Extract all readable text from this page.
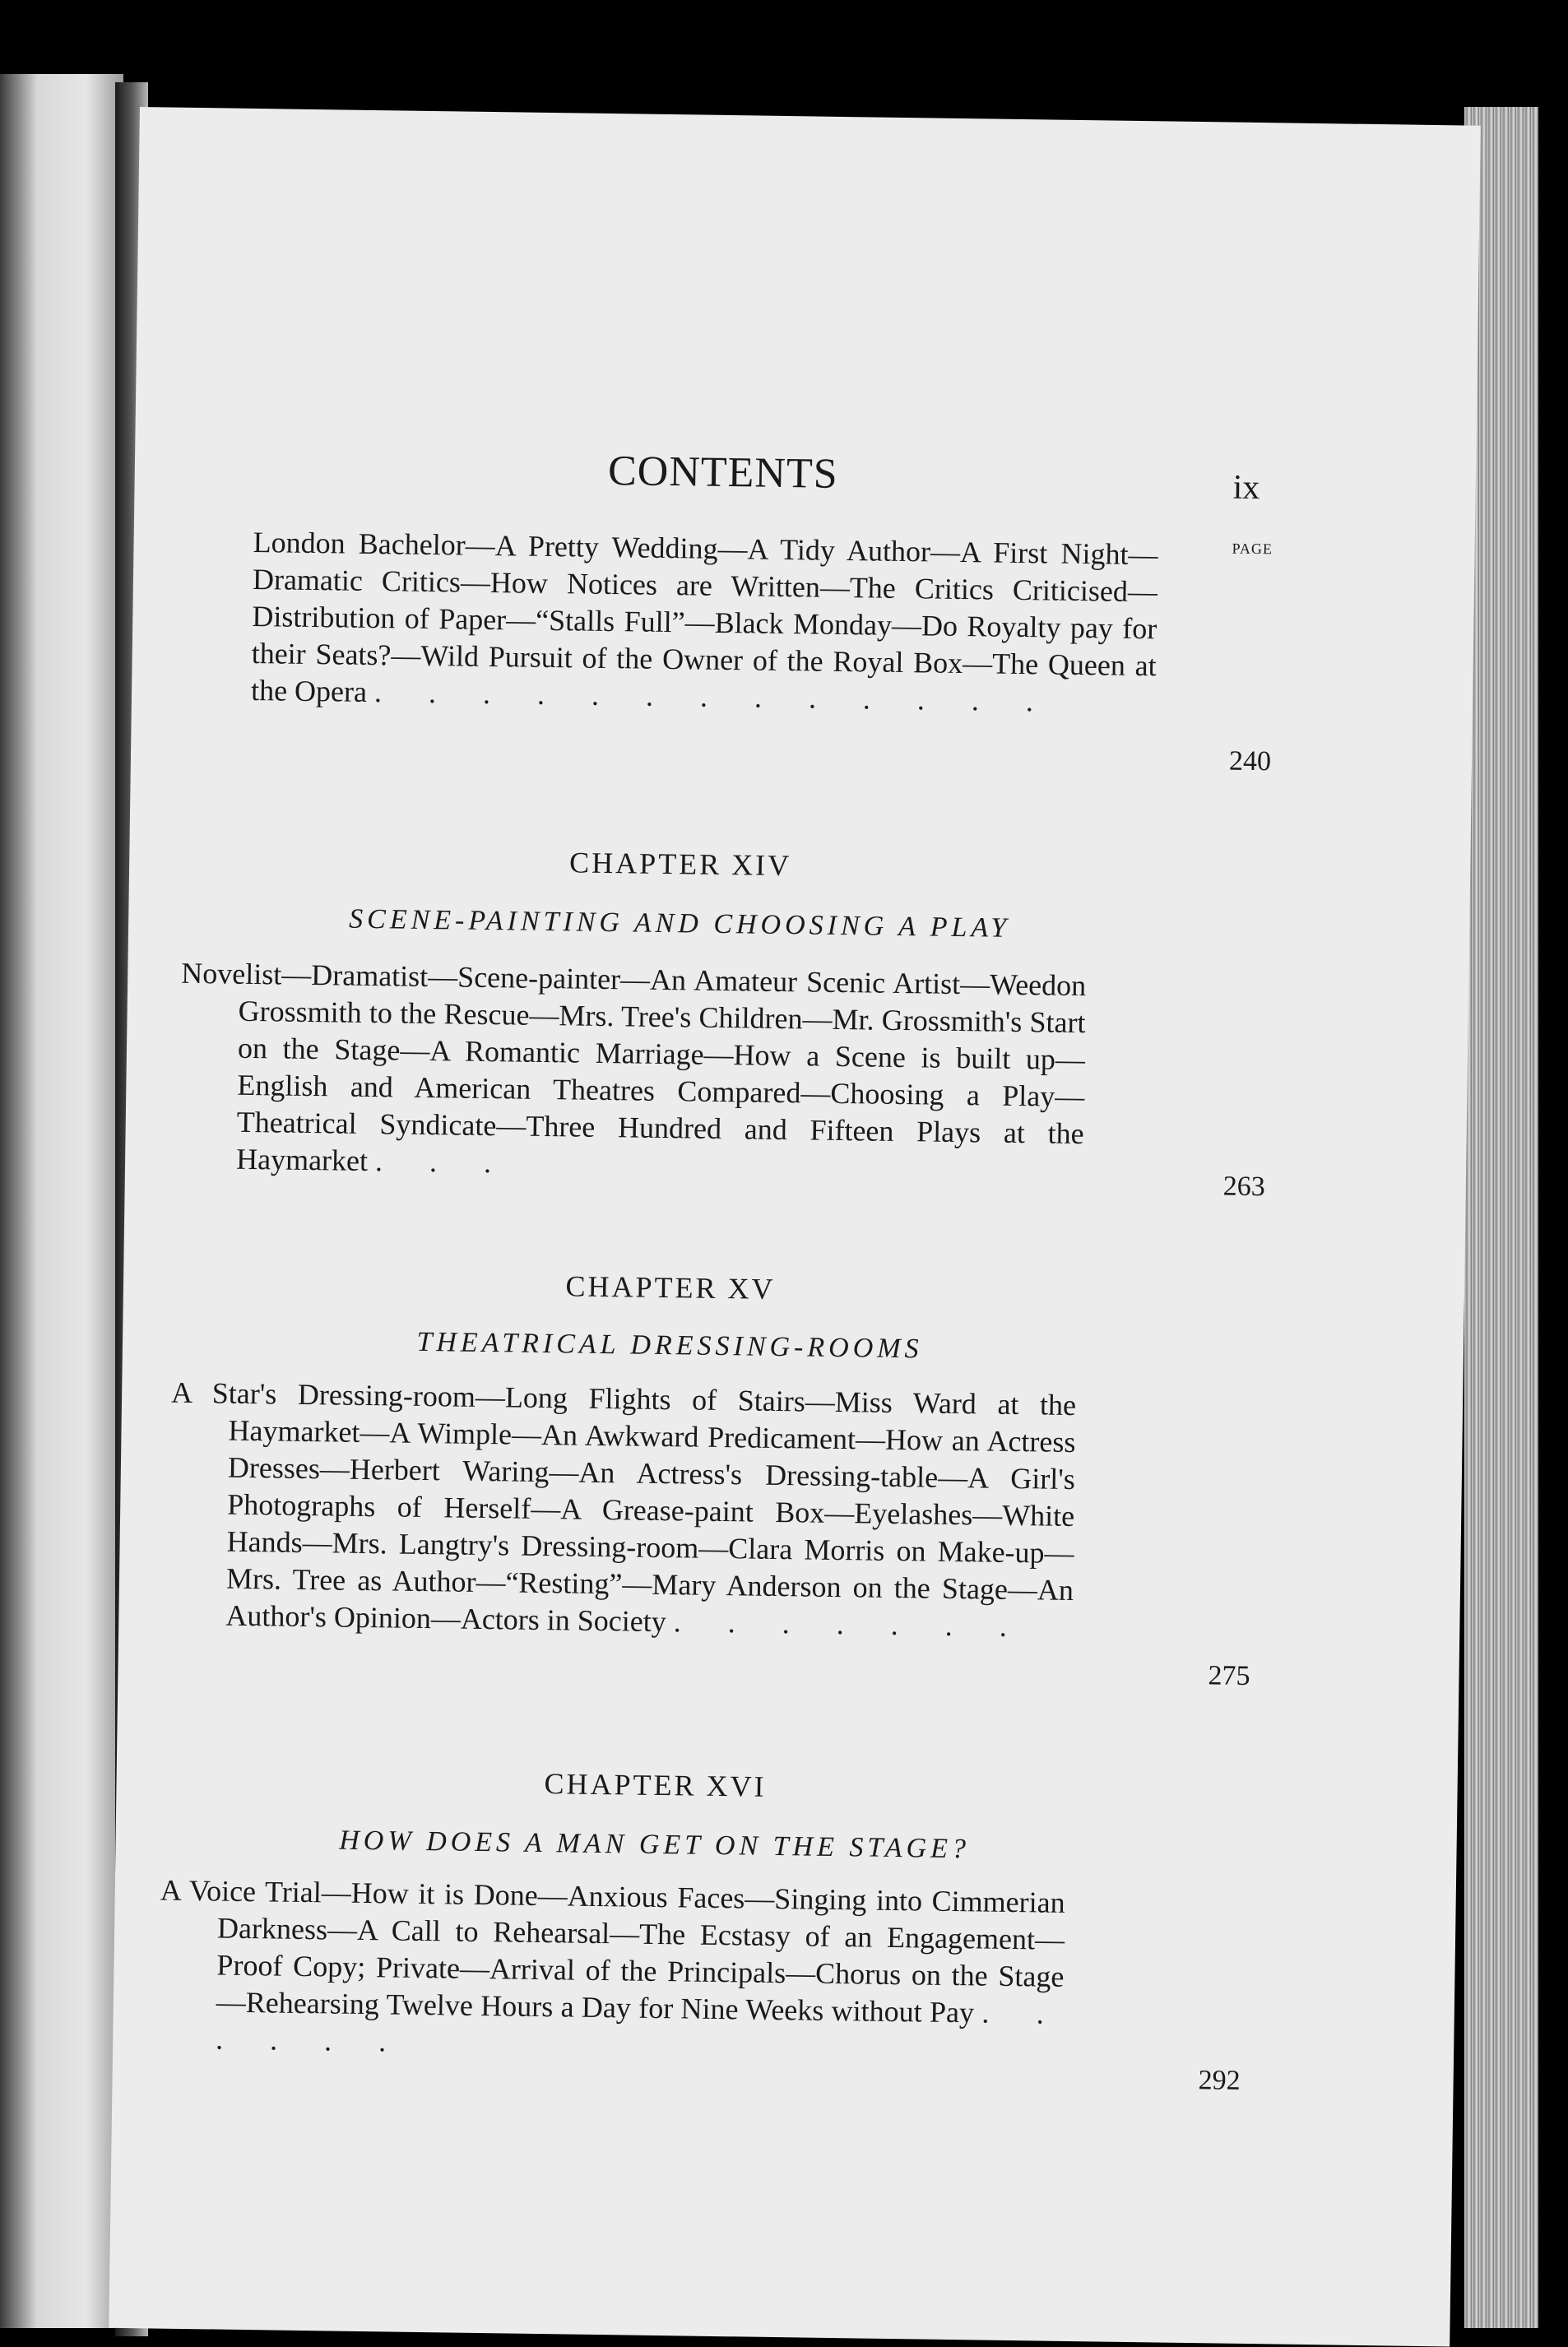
CONTENTS	ix
PAGE
London Bachelor—A Pretty Wedding—A Tidy Author—A First Night—Dramatic Critics—How Notices are Written—The Critics Criticised—Distribution of Paper—“Stalls Full”—Black Monday—Do Royalty pay for their Seats?—Wild Pursuit of the Owner of the Royal Box—The Queen at the Opera . . . . . . . . . . . . .
240
CHAPTER XIV
SCENE-PAINTING AND CHOOSING A PLAY
Novelist—Dramatist—Scene-painter—An Amateur Scenic Artist—Weedon Grossmith to the Rescue—Mrs. Tree's Children—Mr. Grossmith's Start on the Stage—A Romantic Marriage—How a Scene is built up—English and American Theatres Compared—Choosing a Play—Theatrical Syndicate—Three Hundred and Fifteen Plays at the Haymarket . . .
263
CHAPTER XV
THEATRICAL DRESSING-ROOMS
A Star's Dressing-room—Long Flights of Stairs—Miss Ward at the Haymarket—A Wimple—An Awkward Predicament—How an Actress Dresses—Herbert Waring—An Actress's Dressing-table—A Girl's Photographs of Herself—A Grease-paint Box—Eyelashes—White Hands—Mrs. Langtry's Dressing-room—Clara Morris on Make-up—Mrs. Tree as Author—“Resting”—Mary Anderson on the Stage—An Author's Opinion—Actors in Society . . . . . . .
275
CHAPTER XVI
HOW DOES A MAN GET ON THE STAGE?
A Voice Trial—How it is Done—Anxious Faces—Singing into Cimmerian Darkness—A Call to Rehearsal—The Ecstasy of an Engagement—Proof Copy; Private—Arrival of the Principals—Chorus on the Stage—Rehearsing Twelve Hours a Day for Nine Weeks without Pay . . . . . .
292
